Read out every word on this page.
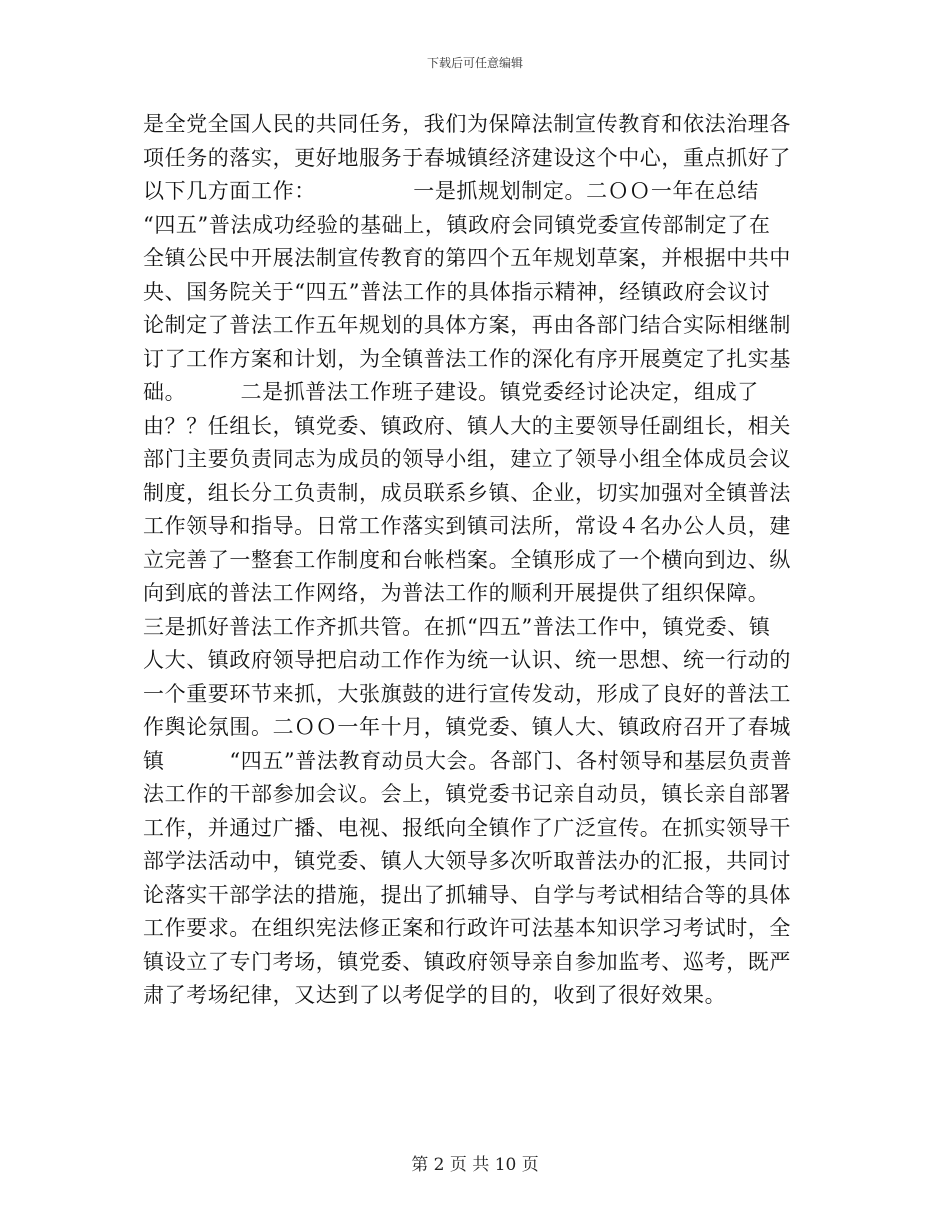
下载后可任意编辑
是全党全国人民的共同任务，我们为保障法制宣传教育和依法治理各
项任务的落实，更好地服务于春城镇经济建设这个中心，重点抓好了
以下几方面工作：　　　　　一是抓规划制定。二ＯＯ一年在总结
“四五”普法成功经验的基础上，镇政府会同镇党委宣传部制定了在
全镇公民中开展法制宣传教育的第四个五年规划草案，并根据中共中
央、国务院关于“四五”普法工作的具体指示精神，经镇政府会议讨
论制定了普法工作五年规划的具体方案，再由各部门结合实际相继制
订了工作方案和计划，为全镇普法工作的深化有序开展奠定了扎实基
础。　　　二是抓普法工作班子建设。镇党委经讨论决定，组成了
由？？任组长，镇党委、镇政府、镇人大的主要领导任副组长，相关
部门主要负责同志为成员的领导小组，建立了领导小组全体成员会议
制度，组长分工负责制，成员联系乡镇、企业，切实加强对全镇普法
工作领导和指导。日常工作落实到镇司法所，常设４名办公人员，建
立完善了一整套工作制度和台帐档案。全镇形成了一个横向到边、纵
向到底的普法工作网络，为普法工作的顺利开展提供了组织保障。
三是抓好普法工作齐抓共管。在抓“四五”普法工作中，镇党委、镇
人大、镇政府领导把启动工作作为统一认识、统一思想、统一行动的
一个重要环节来抓，大张旗鼓的进行宣传发动，形成了良好的普法工
作舆论氛围。二ＯＯ一年十月，镇党委、镇人大、镇政府召开了春城
镇　　　“四五”普法教育动员大会。各部门、各村领导和基层负责普
法工作的干部参加会议。会上，镇党委书记亲自动员，镇长亲自部署
工作，并通过广播、电视、报纸向全镇作了广泛宣传。在抓实领导干
部学法活动中，镇党委、镇人大领导多次听取普法办的汇报，共同讨
论落实干部学法的措施，提出了抓辅导、自学与考试相结合等的具体
工作要求。在组织宪法修正案和行政许可法基本知识学习考试时，全
镇设立了专门考场，镇党委、镇政府领导亲自参加监考、巡考，既严
肃了考场纪律，又达到了以考促学的目的，收到了很好效果。
第 2 页 共 10 页
